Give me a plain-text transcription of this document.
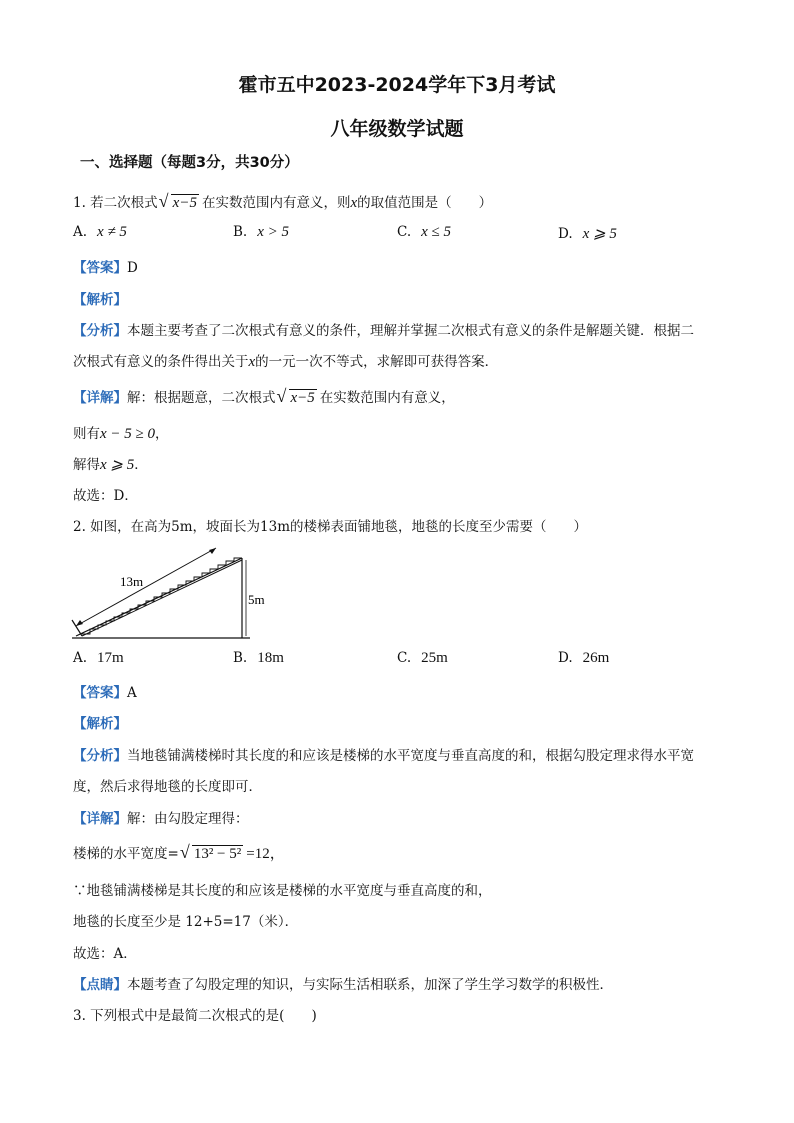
霍市五中2023-2024学年下3月考试
八年级数学试题
一、选择题（每题3分，共30分）
1. 若二次根式 √ x−5 在实数范围内有意义，则x的取值范围是（　　）
A. x ≠ 5	B. x > 5	C. x ≤ 5	D. x ⩾ 5
【答案】D
【解析】
【分析】本题主要考查了二次根式有意义的条件，理解并掌握二次根式有意义的条件是解题关键．根据二
次根式有意义的条件得出关于x的一元一次不等式，求解即可获得答案．
【详解】解：根据题意，二次根式 √ x−5 在实数范围内有意义，
则有x − 5 ≥ 0，
解得x ⩾ 5．
故选：D．
2. 如图，在高为5m，坡面长为13m的楼梯表面铺地毯，地毯的长度至少需要（　　）
13m
5m
A. 17m	B. 18m	C. 25m	D. 26m
【答案】A
【解析】
【分析】当地毯铺满楼梯时其长度的和应该是楼梯的水平宽度与垂直高度的和，根据勾股定理求得水平宽
度，然后求得地毯的长度即可．
【详解】解：由勾股定理得：
楼梯的水平宽度= √ 13² − 5² =12，
∵地毯铺满楼梯是其长度的和应该是楼梯的水平宽度与垂直高度的和，
地毯的长度至少是 12+5=17（米）．
故选：A．
【点睛】本题考查了勾股定理的知识，与实际生活相联系，加深了学生学习数学的积极性．
3. 下列根式中是最简二次根式的是(　　)
